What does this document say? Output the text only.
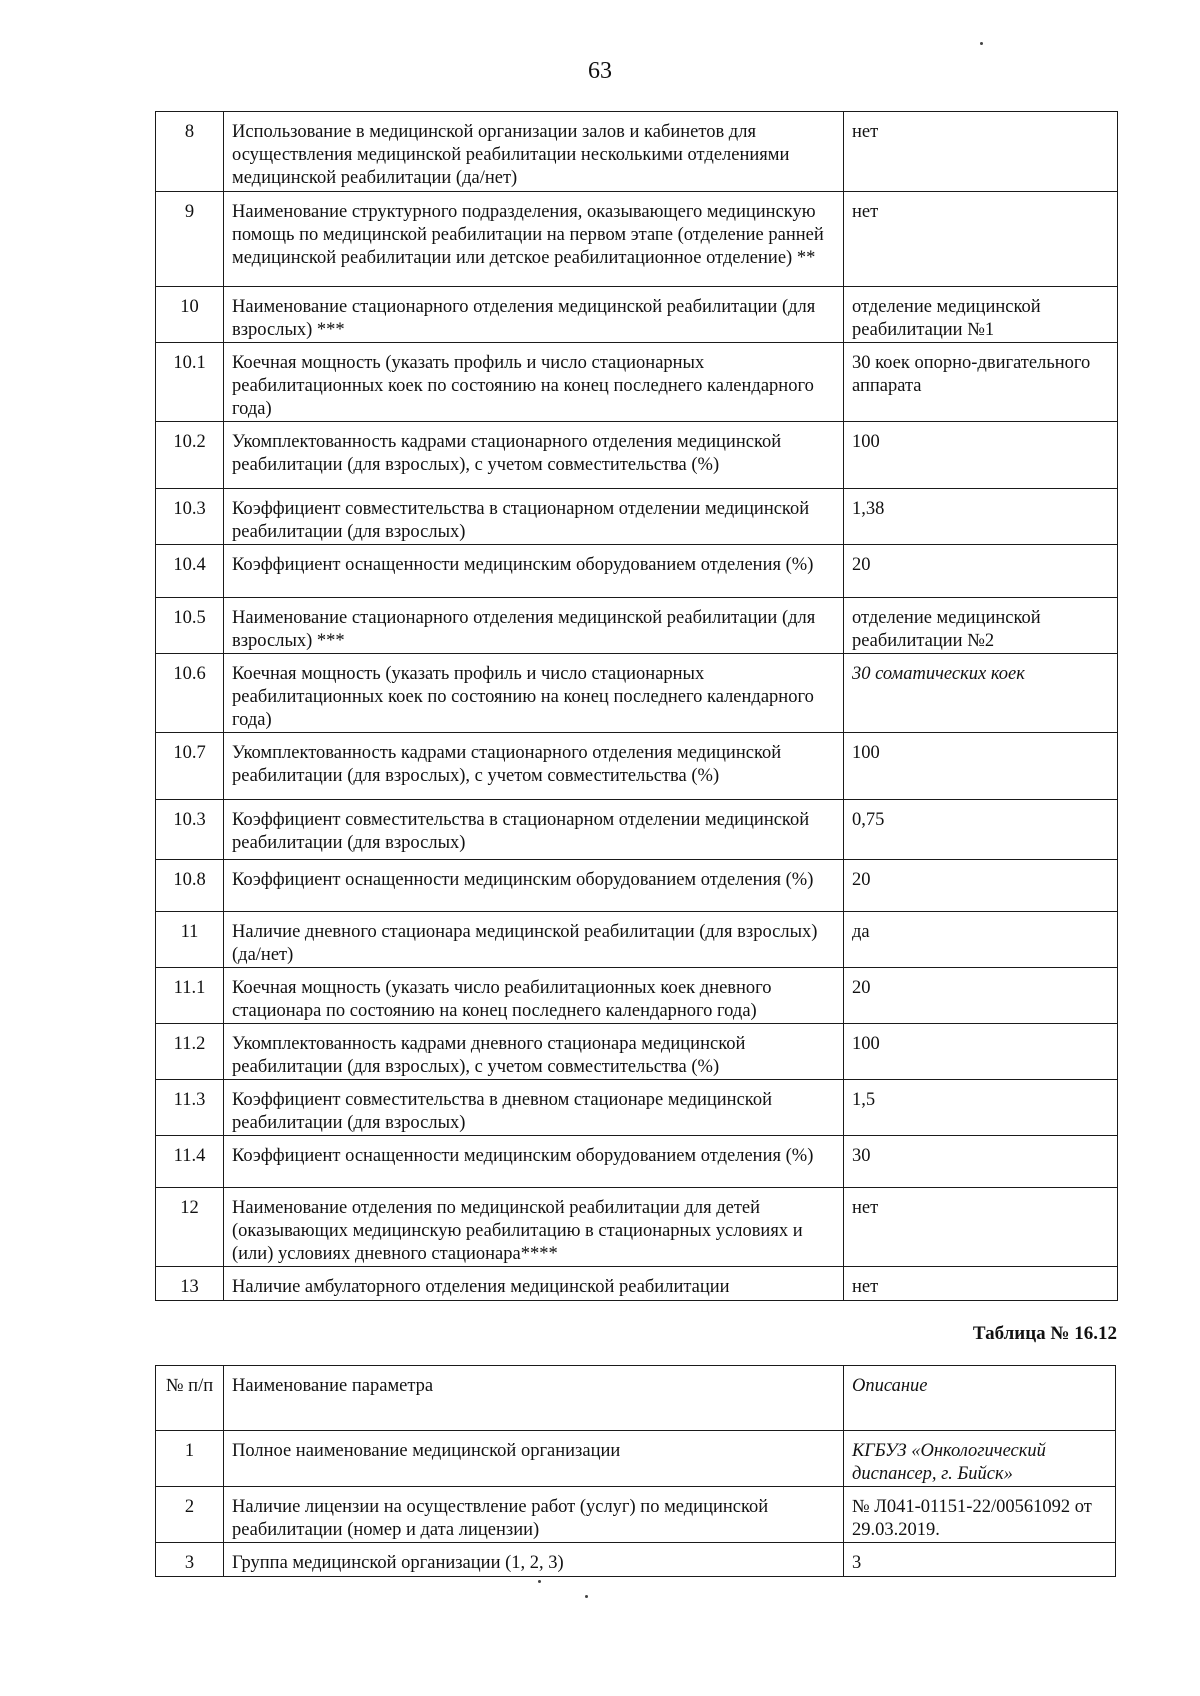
63
8	Использование в медицинской организации залов и кабинетов для осуществления медицинской реабилитации несколькими отделениями медицинской реабилитации (да/нет)	нет
9	Наименование структурного подразделения, оказывающего медицинскую помощь по медицинской реабилитации на первом этапе (отделение ранней медицинской реабилитации или детское реабилитационное отделение) **	нет
10	Наименование стационарного отделения медицинской реабилитации (для взрослых) ***	отделение медицинской реабилитации №1
10.1	Коечная мощность (указать профиль и число стационарных реабилитационных коек по состоянию на конец последнего календарного года)	30 коек опорно-двигательного аппарата
10.2	Укомплектованность кадрами стационарного отделения медицинской реабилитации (для взрослых), с учетом совместительства (%)	100
10.3	Коэффициент совместительства в стационарном отделении медицинской реабилитации (для взрослых)	1,38
10.4	Коэффициент оснащенности медицинским оборудованием отделения (%)	20
10.5	Наименование стационарного отделения медицинской реабилитации (для взрослых) ***	отделение медицинской реабилитации №2
10.6	Коечная мощность (указать профиль и число стационарных реабилитационных коек по состоянию на конец последнего календарного года)	30 соматических коек
10.7	Укомплектованность кадрами стационарного отделения медицинской реабилитации (для взрослых), с учетом совместительства (%)	100
10.3	Коэффициент совместительства в стационарном отделении медицинской реабилитации (для взрослых)	0,75
10.8	Коэффициент оснащенности медицинским оборудованием отделения (%)	20
11	Наличие дневного стационара медицинской реабилитации (для взрослых) (да/нет)	да
11.1	Коечная мощность (указать число реабилитационных коек дневного стационара по состоянию на конец последнего календарного года)	20
11.2	Укомплектованность кадрами дневного стационара медицинской реабилитации (для взрослых), с учетом совместительства (%)	100
11.3	Коэффициент совместительства в дневном стационаре медицинской реабилитации (для взрослых)	1,5
11.4	Коэффициент оснащенности медицинским оборудованием отделения (%)	30
12	Наименование отделения по медицинской реабилитации для детей (оказывающих медицинскую реабилитацию в стационарных условиях и (или) условиях дневного стационара****	нет
13	Наличие амбулаторного отделения медицинской реабилитации	нет
Таблица № 16.12
№ п/п	Наименование параметра	Описание
1	Полное наименование медицинской организации	КГБУЗ «Онкологический диспансер, г. Бийск»
2	Наличие лицензии на осуществление работ (услуг) по медицинской реабилитации (номер и дата лицензии)	№ Л041-01151-22/00561092 от 29.03.2019.
3	Группа медицинской организации (1, 2, 3)	3
